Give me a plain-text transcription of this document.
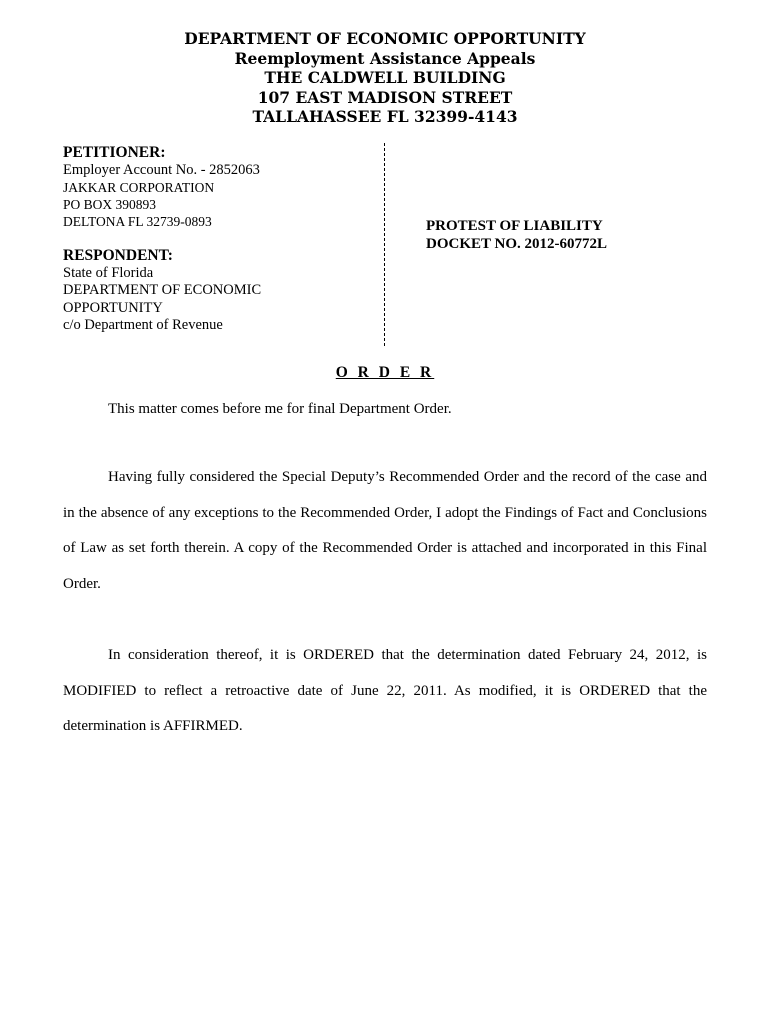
DEPARTMENT OF ECONOMIC OPPORTUNITY
Reemployment Assistance Appeals
THE CALDWELL BUILDING
107 EAST MADISON STREET
TALLAHASSEE FL 32399-4143
PETITIONER:
Employer Account No. - 2852063
JAKKAR CORPORATION
PO BOX 390893
DELTONA FL 32739-0893
RESPONDENT:
State of Florida
DEPARTMENT OF ECONOMIC
OPPORTUNITY
c/o Department of Revenue
PROTEST OF LIABILITY
DOCKET NO. 2012-60772L
O R D E R
This matter comes before me for final Department Order.
Having fully considered the Special Deputy’s Recommended Order and the record of the case and in the absence of any exceptions to the Recommended Order, I adopt the Findings of Fact and Conclusions of Law as set forth therein. A copy of the Recommended Order is attached and incorporated in this Final Order.
In consideration thereof, it is ORDERED that the determination dated February 24, 2012, is MODIFIED to reflect a retroactive date of June 22, 2011. As modified, it is ORDERED that the determination is AFFIRMED.
